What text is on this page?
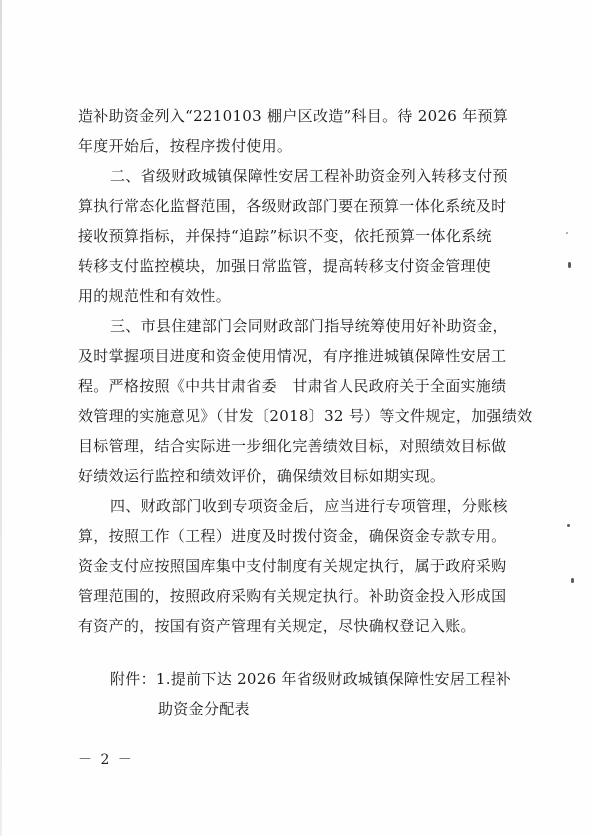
造补助资金列入“2210103 棚户区改造”科目。待 2026 年预算
年度开始后，按程序拨付使用。
二、省级财政城镇保障性安居工程补助资金列入转移支付预
算执行常态化监督范围，各级财政部门要在预算一体化系统及时
接收预算指标，并保持“追踪”标识不变，依托预算一体化系统
转移支付监控模块，加强日常监管，提高转移支付资金管理使
用的规范性和有效性。
三、市县住建部门会同财政部门指导统筹使用好补助资金，
及时掌握项目进度和资金使用情况，有序推进城镇保障性安居工
程。严格按照《中共甘肃省委　甘肃省人民政府关于全面实施绩
效管理的实施意见》（甘发〔2018〕32 号）等文件规定，加强绩效
目标管理，结合实际进一步细化完善绩效目标，对照绩效目标做
好绩效运行监控和绩效评价，确保绩效目标如期实现。
四、财政部门收到专项资金后，应当进行专项管理，分账核
算，按照工作（工程）进度及时拨付资金，确保资金专款专用。
资金支付应按照国库集中支付制度有关规定执行，属于政府采购
管理范围的，按照政府采购有关规定执行。补助资金投入形成国
有资产的，按国有资产管理有关规定，尽快确权登记入账。
附件：1.提前下达 2026 年省级财政城镇保障性安居工程补
助资金分配表
－ 2 －
